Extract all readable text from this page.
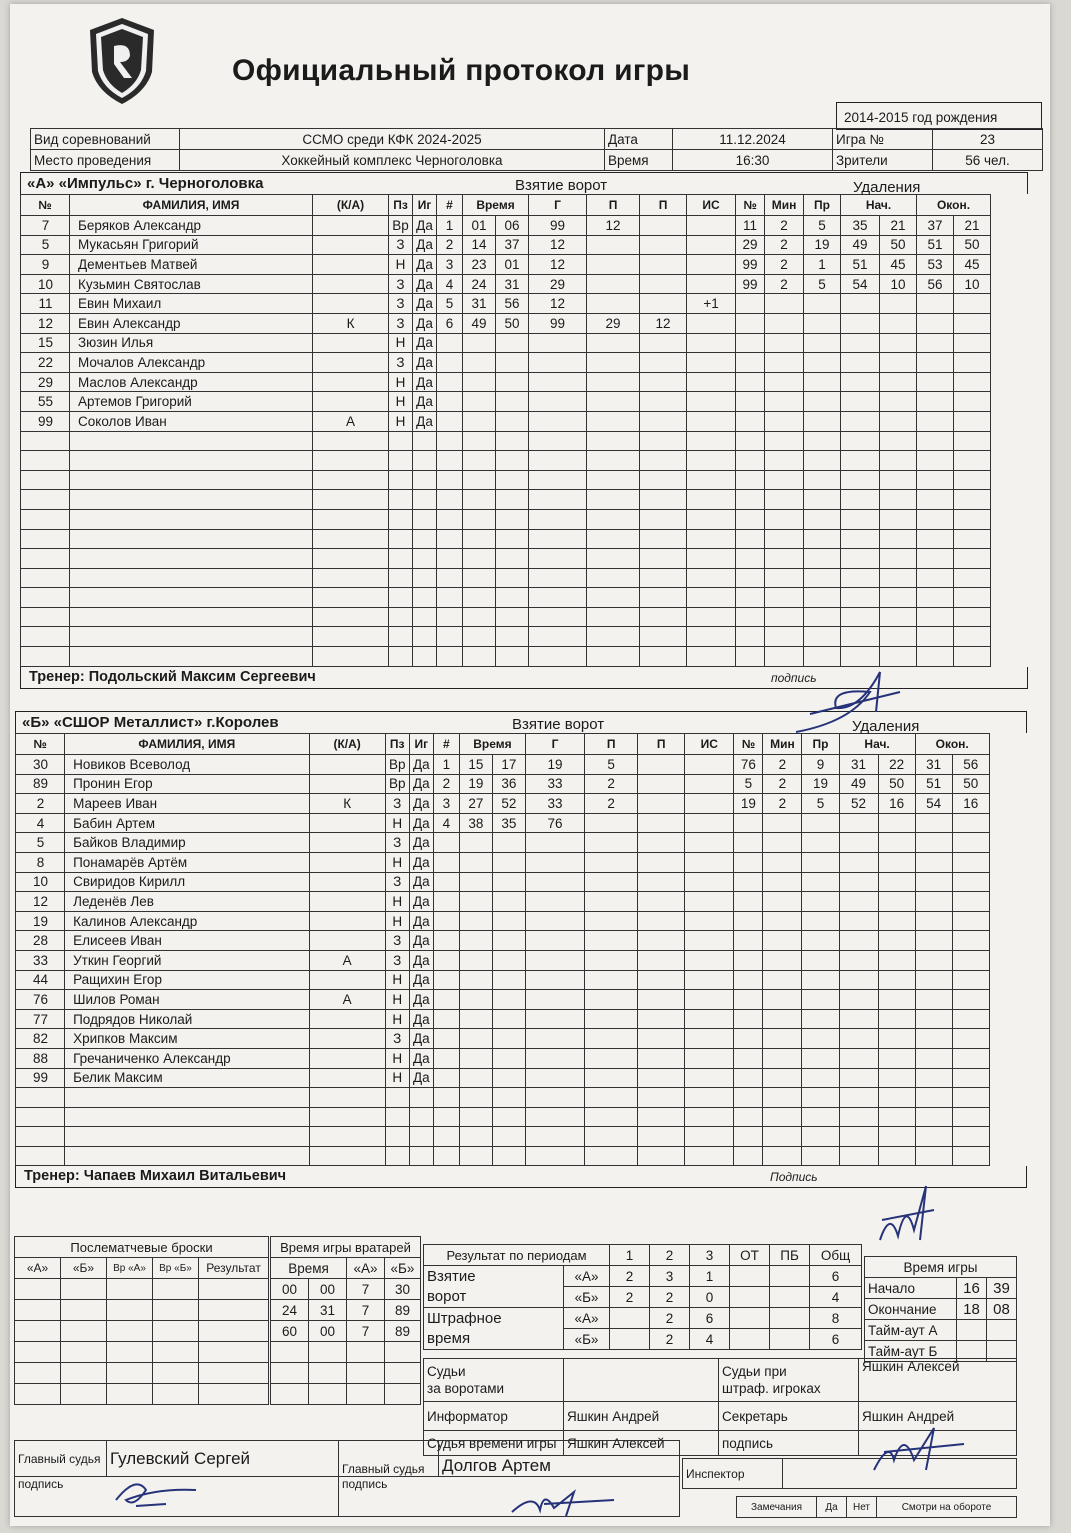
Официальный протокол игры
2014-2015 год рождения
Вид соревнований	ССМО среди КФК 2024-2025	Дата	11.12.2024	Игра №	23
Место проведения	Хоккейный комплекс Черноголовка	Время	16:30	Зрители	56 чел.
«А» «Импульс» г. Черноголовка	Взятие ворот	Удаления
№	ФАМИЛИЯ, ИМЯ	(К/А)	Пз	Иг	#	Время		Г	П	П	ИС	№	Мин	Пр	Нач.		Окон.	
7	Беряков Александр		Вр	Да	1	01	06	99	12			11	2	5	35	21	37	21
5	Мукасьян Григорий		З	Да	2	14	37	12				29	2	19	49	50	51	50
9	Дементьев Матвей		Н	Да	3	23	01	12				99	2	1	51	45	53	45
10	Кузьмин Святослав		З	Да	4	24	31	29				99	2	5	54	10	56	10
11	Евин Михаил		З	Да	5	31	56	12			+1							
12	Евин Александр	К	З	Да	6	49	50	99	29	12								
15	Зюзин Илья		Н	Да														
22	Мочалов Александр		З	Да														
29	Маслов Александр		Н	Да														
55	Артемов Григорий		Н	Да														
99	Соколов Иван	А	Н	Да														

Тренер: Подольский Максим Сергеевич	подпись
«Б» «СШОР Металлист» г.Королев	Взятие ворот	Удаления
№	ФАМИЛИЯ, ИМЯ	(К/А)	Пз	Иг	#	Время		Г	П	П	ИС	№	Мин	Пр	Нач.		Окон.	
30	Новиков Всеволод		Вр	Да	1	15	17	19	5			76	2	9	31	22	31	56
89	Пронин Егор		Вр	Да	2	19	36	33	2			5	2	19	49	50	51	50
2	Мареев Иван	К	З	Да	3	27	52	33	2			19	2	5	52	16	54	16
4	Бабин Артем		Н	Да	4	38	35	76										
5	Байков Владимир		З	Да														
8	Понамарёв Артём		Н	Да														
10	Свиридов Кирилл		З	Да														
12	Леденёв Лев		Н	Да														
19	Калинов Александр		Н	Да														
28	Елисеев Иван		З	Да														
33	Уткин Георгий	А	З	Да														
44	Ращихин Егор		Н	Да														
76	Шилов Роман	А	Н	Да														
77	Подрядов Николай		Н	Да														
82	Хрипков Максим		З	Да														
88	Гречаниченко Александр		Н	Да														
99	Белик Максим		Н	Да														

Тренер: Чапаев Михаил Витальевич	Подпись
Послематчевые броски				
«А»	«Б»	Вр «А»	Вр «Б»	Результат

Время игры вратарей			
Время		«А»	«Б»
00	00	7	30
24	31	7	89
60	00	7	89

Результат по периодам		1	2	3	ОТ	ПБ	Общ
Взятие	«А»	2	3	1			6
ворот	«Б»	2	2	0			4
Штрафное	«А»		2	6			8
время	«Б»		2	4			6
Время игры		
Начало	16	39
Окончание	18	08
Тайм-аут А		
Тайм-аут Б		
Судьи
за воротами		Судьи при
штраф. игроках	Яшкин Алексей
Информатор	Яшкин Андрей	Секретарь	Яшкин Андрей
Судья времени игры	Яшкин Алексей	подпись	
Главный судья	Гулевский Сергей	Главный судья	Долгов Артем
подпись		подпись	
Инспектор	
Замечания	Да	Нет	Смотри на обороте
